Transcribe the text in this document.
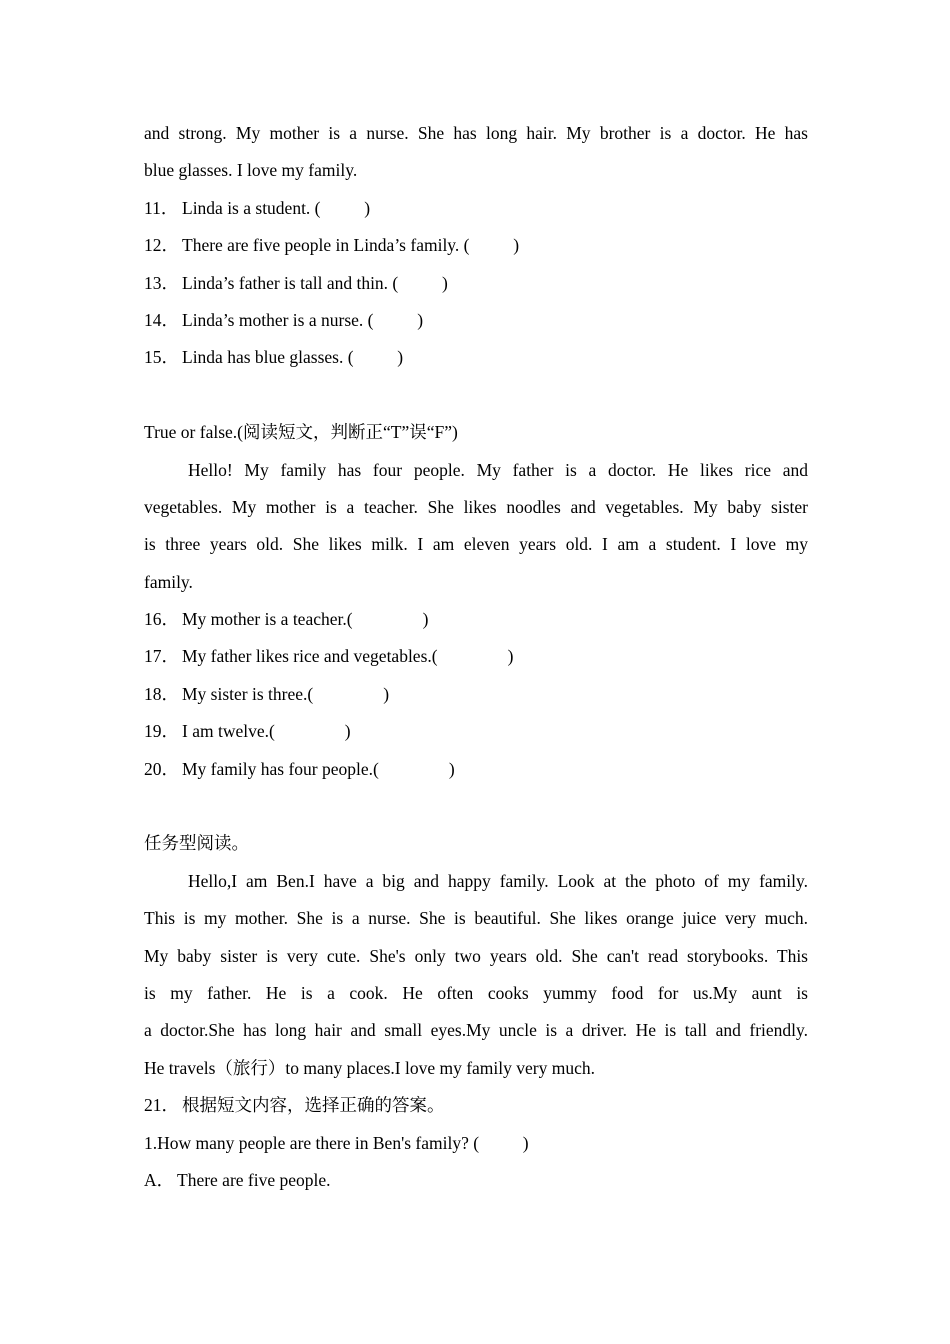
and strong. My mother is a nurse. She has long hair. My brother is a doctor. He has
blue glasses. I love my family.
11． Linda is a student. (          )
12． There are five people in Linda’s family. (          )
13． Linda’s father is tall and thin. (          )
14． Linda’s mother is a nurse. (          )
15． Linda has blue glasses. (          )
True or false.(阅读短文，判断正“T”误“F”)
Hello! My family has four people. My father is a doctor. He likes rice and
vegetables. My mother is a teacher. She likes noodles and vegetables. My baby sister
is three years old. She likes milk. I am eleven years old. I am a student. I love my
family.
16． My mother is a teacher.(                )
17． My father likes rice and vegetables.(                )
18． My sister is three.(                )
19． I am twelve.(                )
20． My family has four people.(                )
任务型阅读。
Hello,I am Ben.I have a big and happy family. Look at the photo of my family.
This is my mother. She is a nurse. She is beautiful. She likes orange juice very much.
My baby sister is very cute. She's only two years old. She can't read storybooks. This
is my father. He is a cook. He often cooks yummy food for us.My aunt is
a doctor.She has long hair and small eyes.My uncle is a driver. He is tall and friendly.
He travels（旅行）to many places.I love my family very much.
21． 根据短文内容，选择正确的答案。
1.How many people are there in Ben's family? (          )
A． There are five people.
